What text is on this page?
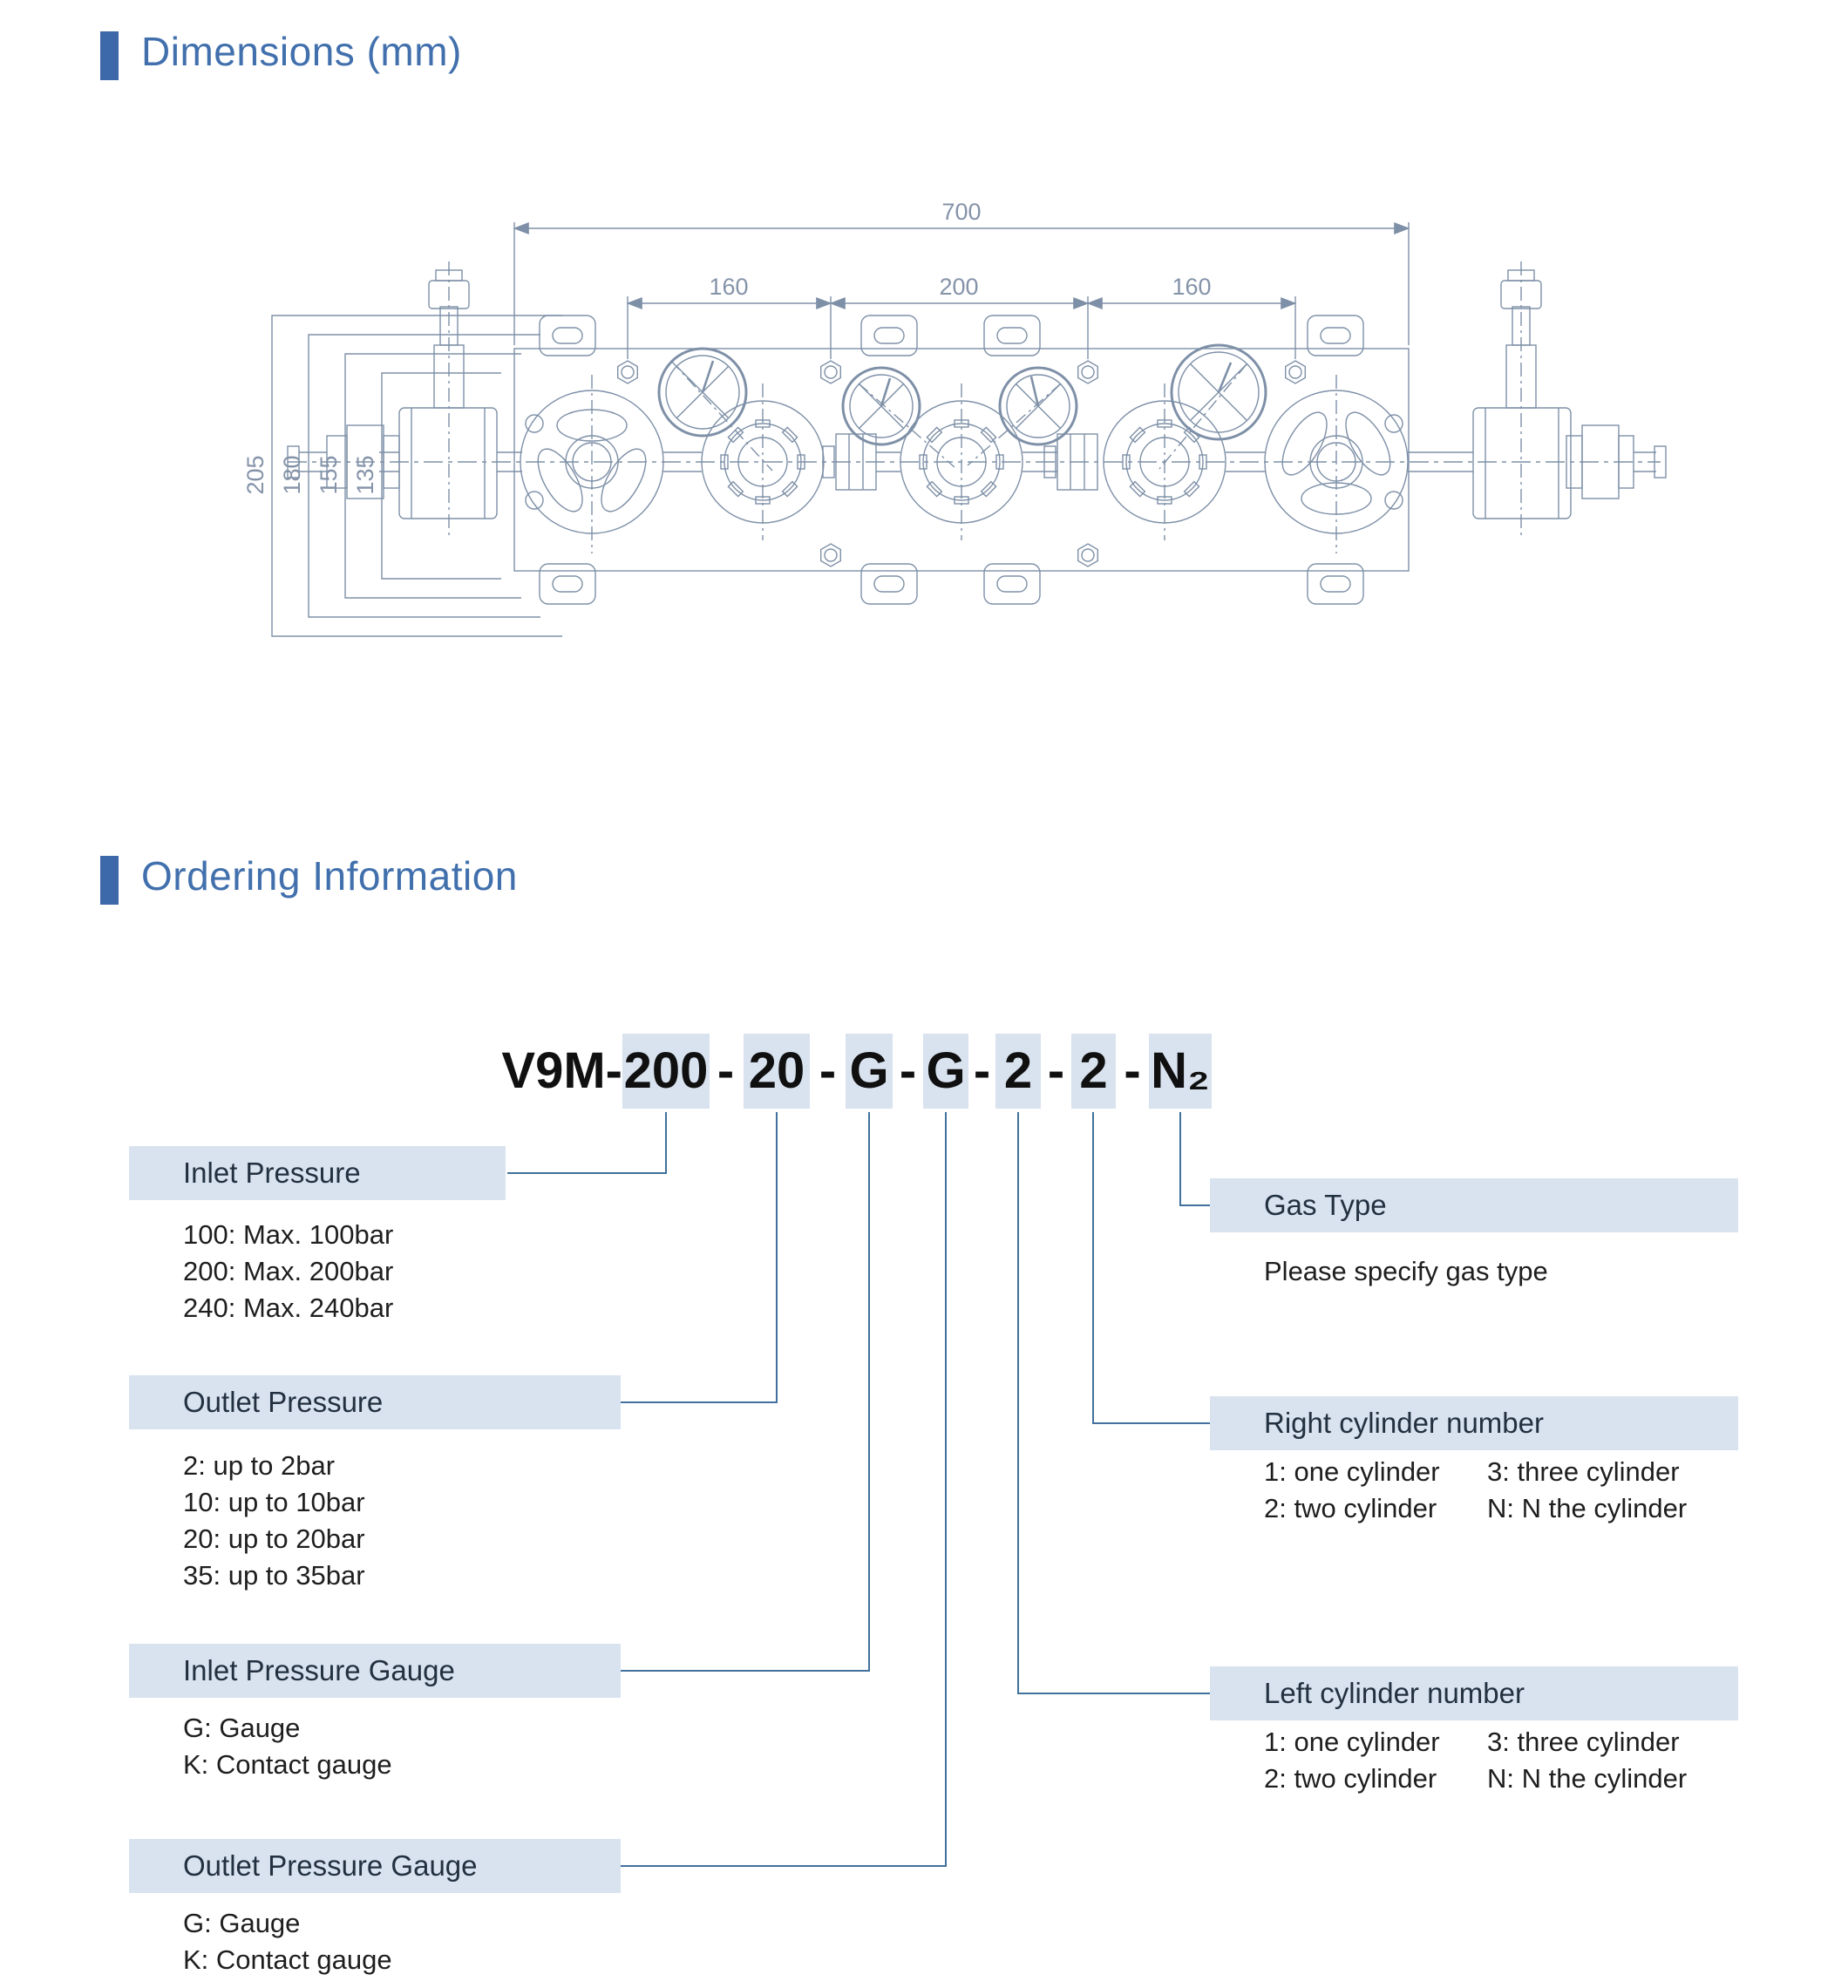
Dimensions (mm)
700
160	200	160
205 180 155 135
Ordering Information
V9M- 200 - 20 - G - G - 2 - 2 - N₂
Inlet Pressure
100: Max. 100bar
200: Max. 200bar
240: Max. 240bar
Outlet Pressure
2: up to 2bar
10: up to 10bar
20: up to 20bar
35: up to 35bar
Inlet Pressure Gauge
G: Gauge
K: Contact gauge
Outlet Pressure Gauge
G: Gauge
K: Contact gauge
Gas Type
Please specify gas type
Right cylinder number
1: one cylinder	3: three cylinder
2: two cylinder	N: N the cylinder
Left cylinder number
1: one cylinder	3: three cylinder
2: two cylinder	N: N the cylinder
